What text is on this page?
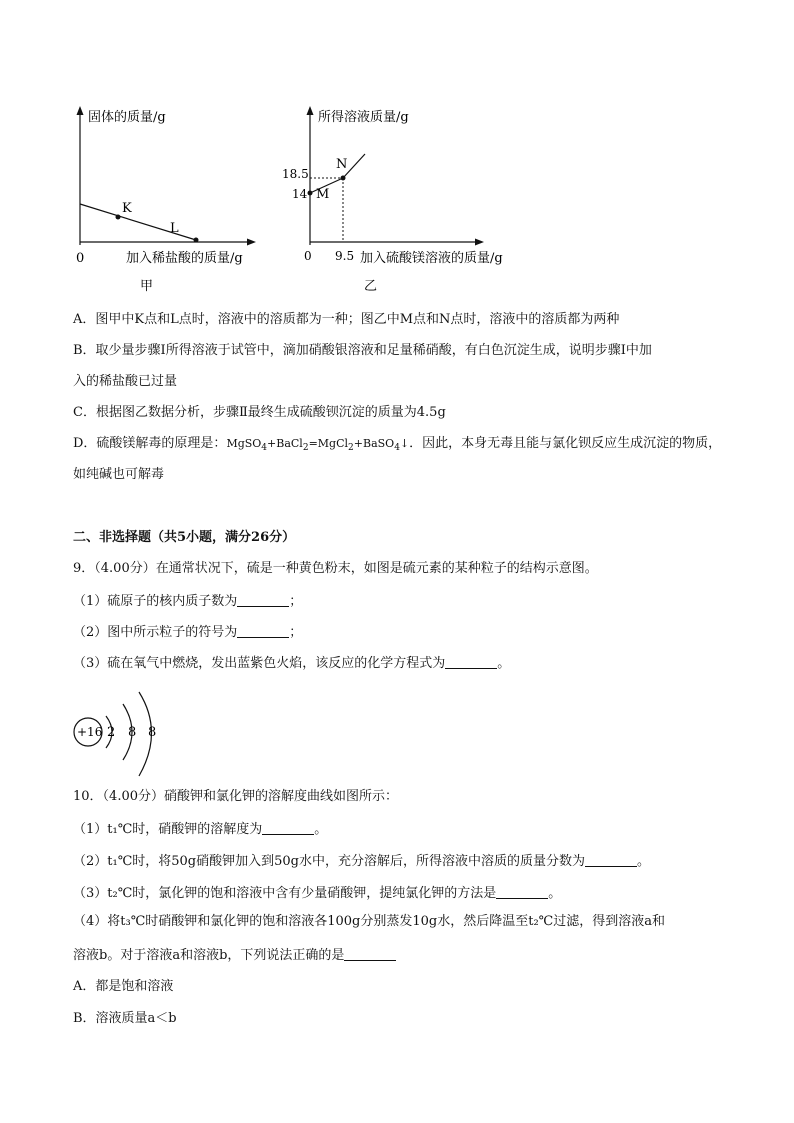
固体的质量/g
K
L
0	加入稀盐酸的质量/g
甲
所得溶液质量/g
M
N
18.5
14
0 9.5 加入硫酸镁溶液的质量/g
乙
A．图甲中K点和L点时，溶液中的溶质都为一种；图乙中M点和N点时，溶液中的溶质都为两种
B．取少量步骤Ⅰ所得溶液于试管中，滴加硝酸银溶液和足量稀硝酸，有白色沉淀生成，说明步骤Ⅰ中加
入的稀盐酸已过量
C．根据图乙数据分析，步骤Ⅱ最终生成硫酸钡沉淀的质量为4.5g
D．硫酸镁解毒的原理是：MgSO$_4$+BaCl$_2$=MgCl$_2$+BaSO$_4$↓．因此，本身无毒且能与氯化钡反应生成沉淀的物质，
如纯碱也可解毒
二、非选择题（共5小题，满分26分）
9．（4.00分）在通常状况下，硫是一种黄色粉末，如图是硫元素的某种粒子的结构示意图。
（1）硫原子的核内质子数为	；
（2）图中所示粒子的符号为	；
（3）硫在氧气中燃烧，发出蓝紫色火焰，该反应的化学方程式为	。
+16 2 8 8
10．（4.00分）硝酸钾和氯化钾的溶解度曲线如图所示：
（1）t₁℃时，硝酸钾的溶解度为	。
（2）t₁℃时，将50g硝酸钾加入到50g水中，充分溶解后，所得溶液中溶质的质量分数为	。
（3）t₂℃时，氯化钾的饱和溶液中含有少量硝酸钾，提纯氯化钾的方法是	。
（4）将t₃℃时硝酸钾和氯化钾的饱和溶液各100g分别蒸发10g水，然后降温至t₂℃过滤，得到溶液a和
溶液b。对于溶液a和溶液b，下列说法正确的是
A．都是饱和溶液
B．溶液质量a＜b
